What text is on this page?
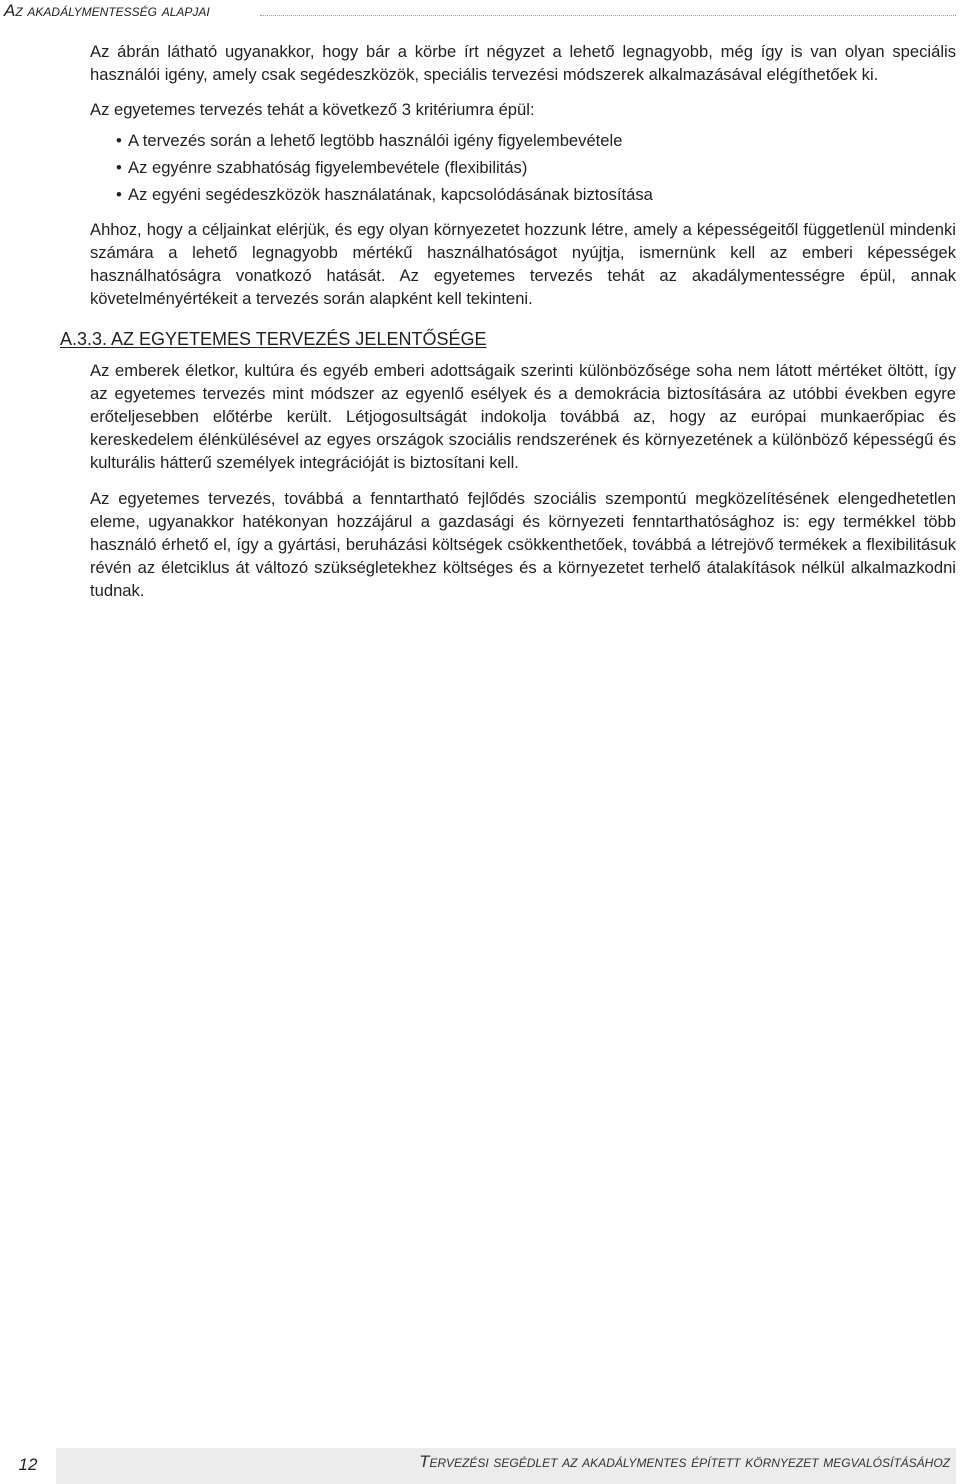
Az akadálymentesség alapjai

Az ábrán látható ugyanakkor, hogy bár a körbe írt négyzet a lehető legnagyobb, még így is van olyan speciális használói igény, amely csak segédeszközök, speciális tervezési módszerek alkalmazásával elégíthetőek ki.

Az egyetemes tervezés tehát a következő 3 kritériumra épül:

• A tervezés során a lehető legtöbb használói igény figyelembevétele
• Az egyénre szabhatóság figyelembevétele (flexibilitás)
• Az egyéni segédeszközök használatának, kapcsolódásának biztosítása

Ahhoz, hogy a céljainkat elérjük, és egy olyan környezetet hozzunk létre, amely a képességeitől függetlenül mindenki számára a lehető legnagyobb mértékű használhatóságot nyújtja, ismernünk kell az emberi képességek használhatóságra vonatkozó hatását. Az egyetemes tervezés tehát az akadálymentességre épül, annak követelményértékeit a tervezés során alapként kell tekinteni.

A.3.3. AZ EGYETEMES TERVEZÉS JELENTŐSÉGE

Az emberek életkor, kultúra és egyéb emberi adottságaik szerinti különbözősége soha nem látott mértéket öltött, így az egyetemes tervezés mint módszer az egyenlő esélyek és a demokrácia biztosítására az utóbbi években egyre erőteljesebben előtérbe került. Létjogosultságát indokolja továbbá az, hogy az európai munkaerőpiac és kereskedelem élénkülésével az egyes országok szociális rendszerének és környezetének a különböző képességű és kulturális hátterű személyek integrációját is biztosítani kell.

Az egyetemes tervezés, továbbá a fenntartható fejlődés szociális szempontú megközelítésének elengedhetetlen eleme, ugyanakkor hatékonyan hozzájárul a gazdasági és környezeti fenntarthatósághoz is: egy termékkel több használó érhető el, így a gyártási, beruházási költségek csökkenthetőek, továbbá a létrejövő termékek a flexibilitásuk révén az életciklus át változó szükségletekhez költséges és a környezetet terhelő átalakítások nélkül alkalmazkodni tudnak.

12	Tervezési segédlet az akadálymentes épített környezet megvalósításához
